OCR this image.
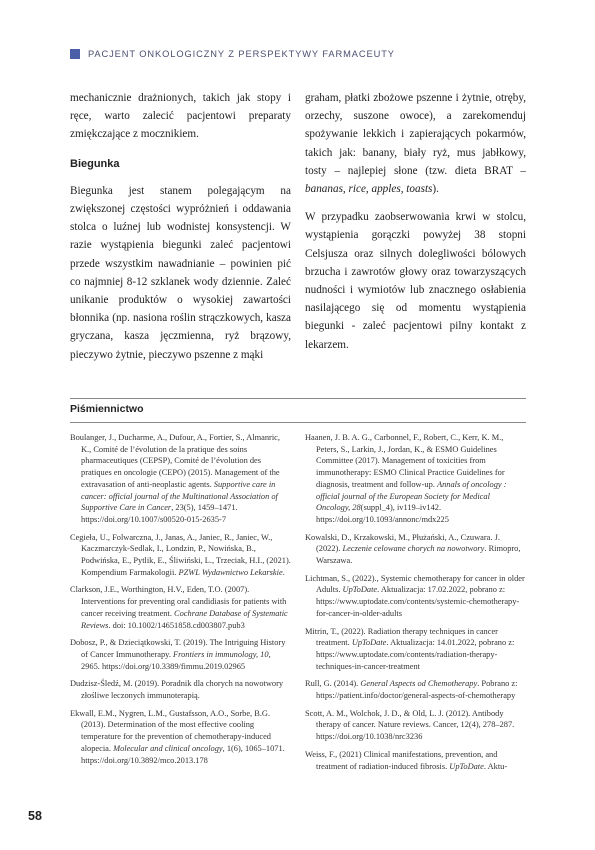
PACJENT ONKOLOGICZNY Z PERSPEKTYWY FARMACEUTY

mechanicznie drażnionych, takich jak stopy i ręce, warto zalecić pacjentowi preparaty zmiękczające z mocznikiem.

Biegunka

Biegunka jest stanem polegającym na zwiększonej częstości wypróżnień i oddawania stolca o luźnej lub wodnistej konsystencji. W razie wystąpienia biegunki zaleć pacjentowi przede wszystkim nawadnianie – powinien pić co najmniej 8-12 szklanek wody dziennie. Zaleć unikanie produktów o wysokiej zawartości błonnika (np. nasiona roślin strączkowych, kasza gryczana, kasza jęczmienna, ryż brązowy, pieczywo żytnie, pieczywo pszenne z mąki

graham, płatki zbożowe pszenne i żytnie, otręby, orzechy, suszone owoce), a zarekomenduj spożywanie lekkich i zapierających pokarmów, takich jak: banany, biały ryż, mus jabłkowy, tosty – najlepiej słone (tzw. dieta BRAT – bananas, rice, apples, toasts).

W przypadku zaobserwowania krwi w stolcu, wystąpienia gorączki powyżej 38 stopni Celsjusza oraz silnych dolegliwości bólowych brzucha i zawrotów głowy oraz towarzyszących nudności i wymiotów lub znacznego osłabienia nasilającego się od momentu wystąpienia biegunki - zaleć pacjentowi pilny kontakt z lekarzem.

Piśmiennictwo

Boulanger, J., Ducharme, A., Dufour, A., Fortier, S., Almanric, K., Comité de l’évolution de la pratique des soins pharmaceutiques (CEPSP), Comité de l’évolution des pratiques en oncologie (CEPO) (2015). Management of the extravasation of anti-neoplastic agents. Supportive care in cancer: official journal of the Multinational Association of Supportive Care in Cancer, 23(5), 1459–1471. https://doi.org/10.1007/s00520-015-2635-7

Cegieła, U., Folwarczna, J., Janas, A., Janiec, R., Janiec, W., Kaczmarczyk-Sedlak, I., Londzin, P., Nowińska, B., Podwińska, E., Pytlik, E., Śliwiński, L., Trzeciak, H.I., (2021). Kompendium Farmakologii. PZWL Wydawnictwo Lekarskie.

Clarkson, J.E., Worthington, H.V., Eden, T.O. (2007). Interventions for preventing oral candidiasis for patients with cancer receiving treatment. Cochrane Database of Systematic Reviews. doi: 10.1002/14651858.cd003807.pub3

Dobosz, P., & Dzieciątkowski, T. (2019). The Intriguing History of Cancer Immunotherapy. Frontiers in immunology, 10, 2965. https://doi.org/10.3389/fimmu.2019.02965

Dudzisz-Śledź, M. (2019). Poradnik dla chorych na nowotwory złośliwe leczonych immunoterapią.

Ekwall, E.M., Nygren, L.M., Gustafsson, A.O., Sorbe, B.G. (2013). Determination of the most effective cooling temperature for the prevention of chemotherapy-induced alopecia. Molecular and clinical oncology, 1(6), 1065–1071. https://doi.org/10.3892/mco.2013.178

Haanen, J. B. A. G., Carbonnel, F., Robert, C., Kerr, K. M., Peters, S., Larkin, J., Jordan, K., & ESMO Guidelines Committee (2017). Management of toxicities from immunotherapy: ESMO Clinical Practice Guidelines for diagnosis, treatment and follow-up. Annals of oncology : official journal of the European Society for Medical Oncology, 28(suppl_4), iv119–iv142. https://doi.org/10.1093/annonc/mdx225

Kowalski, D., Krzakowski, M., Płużański, A., Czuwara. J. (2022). Leczenie celowane chorych na nowotwory. Rimopro, Warszawa.

Lichtman, S., (2022)., Systemic chemotherapy for cancer in older Adults. UpToDate. Aktualizacja: 17.02.2022, pobrano z: https://www.uptodate.com/contents/systemic-chemotherapy-for-cancer-in-older-adults

Mitrin, T., (2022). Radiation therapy techniques in cancer treatment. UpToDate. Aktualizacja: 14.01.2022, pobrano z: https://www.uptodate.com/contents/radiation-therapy-techniques-in-cancer-treatment

Rull, G. (2014). General Aspects od Chemotherapy. Pobrano z: https://patient.info/doctor/general-aspects-of-chemotherapy

Scott, A. M., Wolchok, J. D., & Old, L. J. (2012). Antibody therapy of cancer. Nature reviews. Cancer, 12(4), 278–287. https://doi.org/10.1038/nrc3236

Weiss, F., (2021) Clinical manifestations, prevention, and treatment of radiation-induced fibrosis. UpToDate. Aktu-

58
